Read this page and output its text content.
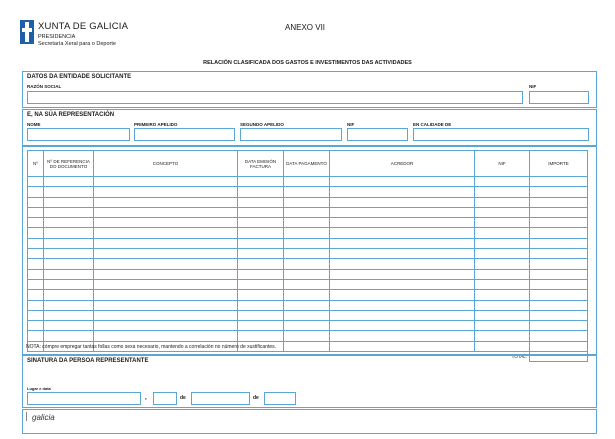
XUNTA DE GALICIA
PRESIDENCIA
Secretaría Xeral para o Deporte
ANEXO VII
RELACIÓN CLASIFICADA DOS GASTOS E INVESTIMENTOS DAS ACTIVIDADES
DATOS DA ENTIDADE SOLICITANTE
RAZÓN SOCIAL	NIF
E, NA SÚA REPRESENTACIÓN
NOME	PRIMEIRO APELIDO	SEGUNDO APELIDO	NIF	EN CALIDADE DE
Nº	Nº DE REFERENCIA DO DOCUMENTO	CONCEPTO	DATA EMISIÓN FACTURA	DATA PAGAMENTO	ACREDOR	NIF	IMPORTE

TOTAL:							
NOTA: cómpre empregar tantas follas como sexa necesario, mantendo a correlación no número de xustificantes.
SINATURA DA PERSOA REPRESENTANTE
Lugar e data
,	de	de
galicia
